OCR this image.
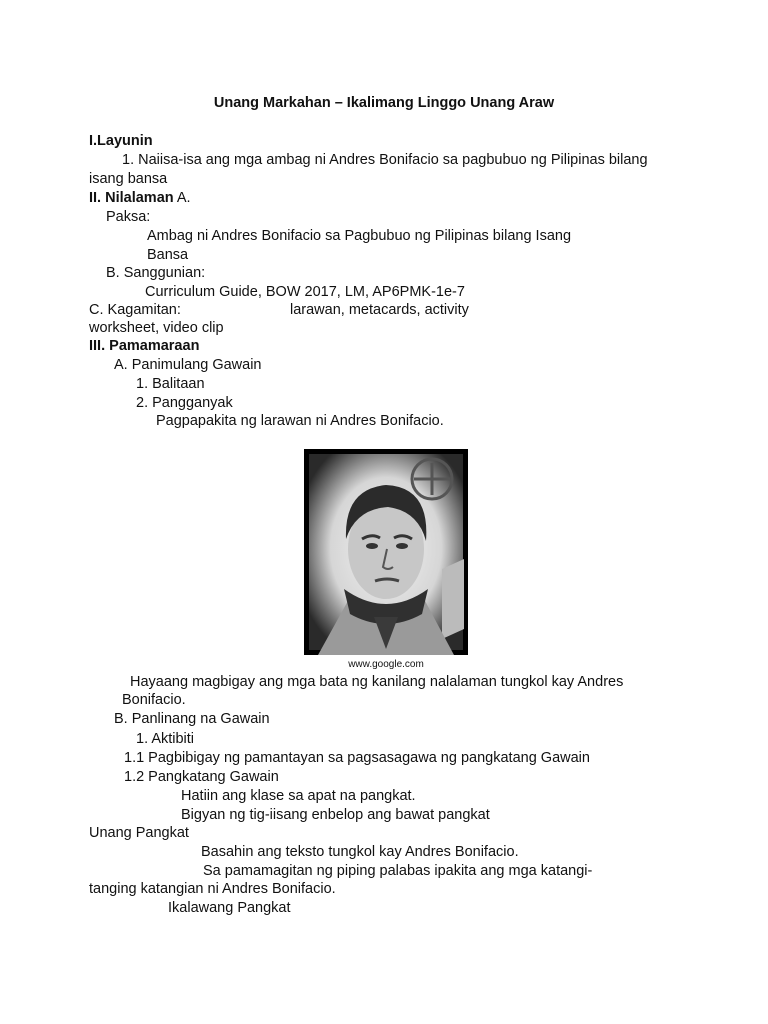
Unang Markahan – Ikalimang Linggo Unang Araw
I.Layunin
1. Naiisa-isa ang mga ambag ni Andres Bonifacio sa pagbubuo ng Pilipinas bilang
isang bansa
II. Nilalaman A.
Paksa:
Ambag ni Andres Bonifacio sa Pagbubuo ng Pilipinas bilang Isang
Bansa
B. Sanggunian:
Curriculum Guide, BOW 2017, LM, AP6PMK-1e-7
C. Kagamitan:	larawan, metacards, activity
worksheet, video clip
III. Pamamaraan
A. Panimulang Gawain
1. Balitaan
2. Pangganyak
Pagpapakita ng larawan ni Andres Bonifacio.
www.google.com
Hayaang magbigay ang mga bata ng kanilang nalalaman tungkol kay Andres
Bonifacio.
B. Panlinang na Gawain
1. Aktibiti
1.1 Pagbibigay ng pamantayan sa pagsasagawa ng pangkatang Gawain
1.2 Pangkatang Gawain
Hatiin ang klase sa apat na pangkat.
Bigyan ng tig-iisang enbelop ang bawat pangkat
Unang Pangkat
Basahin ang teksto tungkol kay Andres Bonifacio.
Sa pamamagitan ng piping palabas ipakita ang mga katangi-
tanging katangian ni Andres Bonifacio.
Ikalawang Pangkat
